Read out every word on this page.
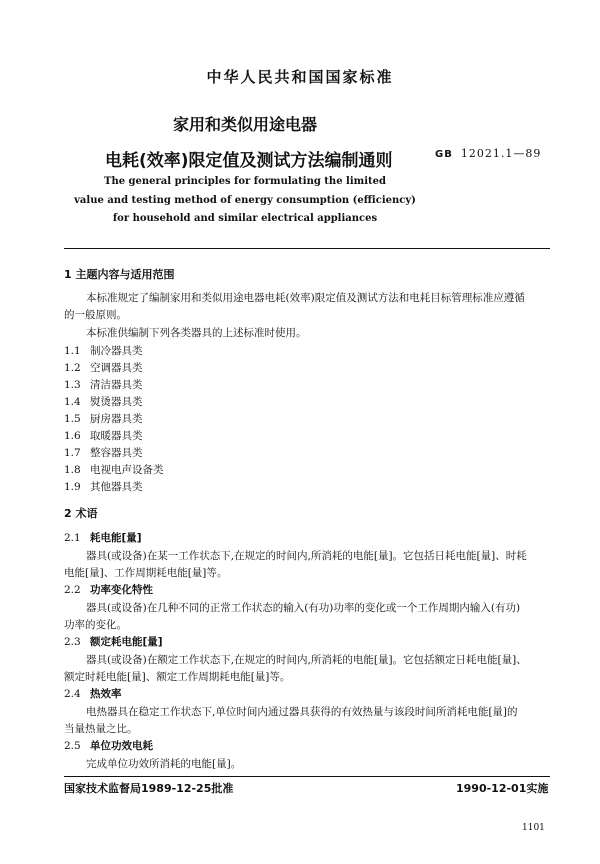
中华人民共和国国家标准
家用和类似用途电器
电耗(效率)限定值及测试方法编制通则	GB 12021.1—89
The general principles for formulating the limited
value and testing method of energy consumption (efficiency)
for household and similar electrical appliances
1 主题内容与适用范围
本标准规定了编制家用和类似用途电器电耗(效率)限定值及测试方法和电耗目标管理标准应遵循
的一般原则。
本标准供编制下列各类器具的上述标准时使用。
1.1 制冷器具类
1.2 空调器具类
1.3 清洁器具类
1.4 熨烫器具类
1.5 厨房器具类
1.6 取暖器具类
1.7 整容器具类
1.8 电视电声设备类
1.9 其他器具类
2 术语
2.1 耗电能[量]
器具(或设备)在某一工作状态下,在规定的时间内,所消耗的电能[量]。它包括日耗电能[量]、时耗
电能[量]、工作周期耗电能[量]等。
2.2 功率变化特性
器具(或设备)在几种不同的正常工作状态的输入(有功)功率的变化或一个工作周期内输入(有功)
功率的变化。
2.3 额定耗电能[量]
器具(或设备)在额定工作状态下,在规定的时间内,所消耗的电能[量]。它包括额定日耗电能[量]、
额定时耗电能[量]、额定工作周期耗电能[量]等。
2.4 热效率
电热器具在稳定工作状态下,单位时间内通过器具获得的有效热量与该段时间所消耗电能[量]的
当量热量之比。
2.5 单位功效电耗
完成单位功效所消耗的电能[量]。
国家技术监督局1989-12-25批准	1990-12-01实施
1101
